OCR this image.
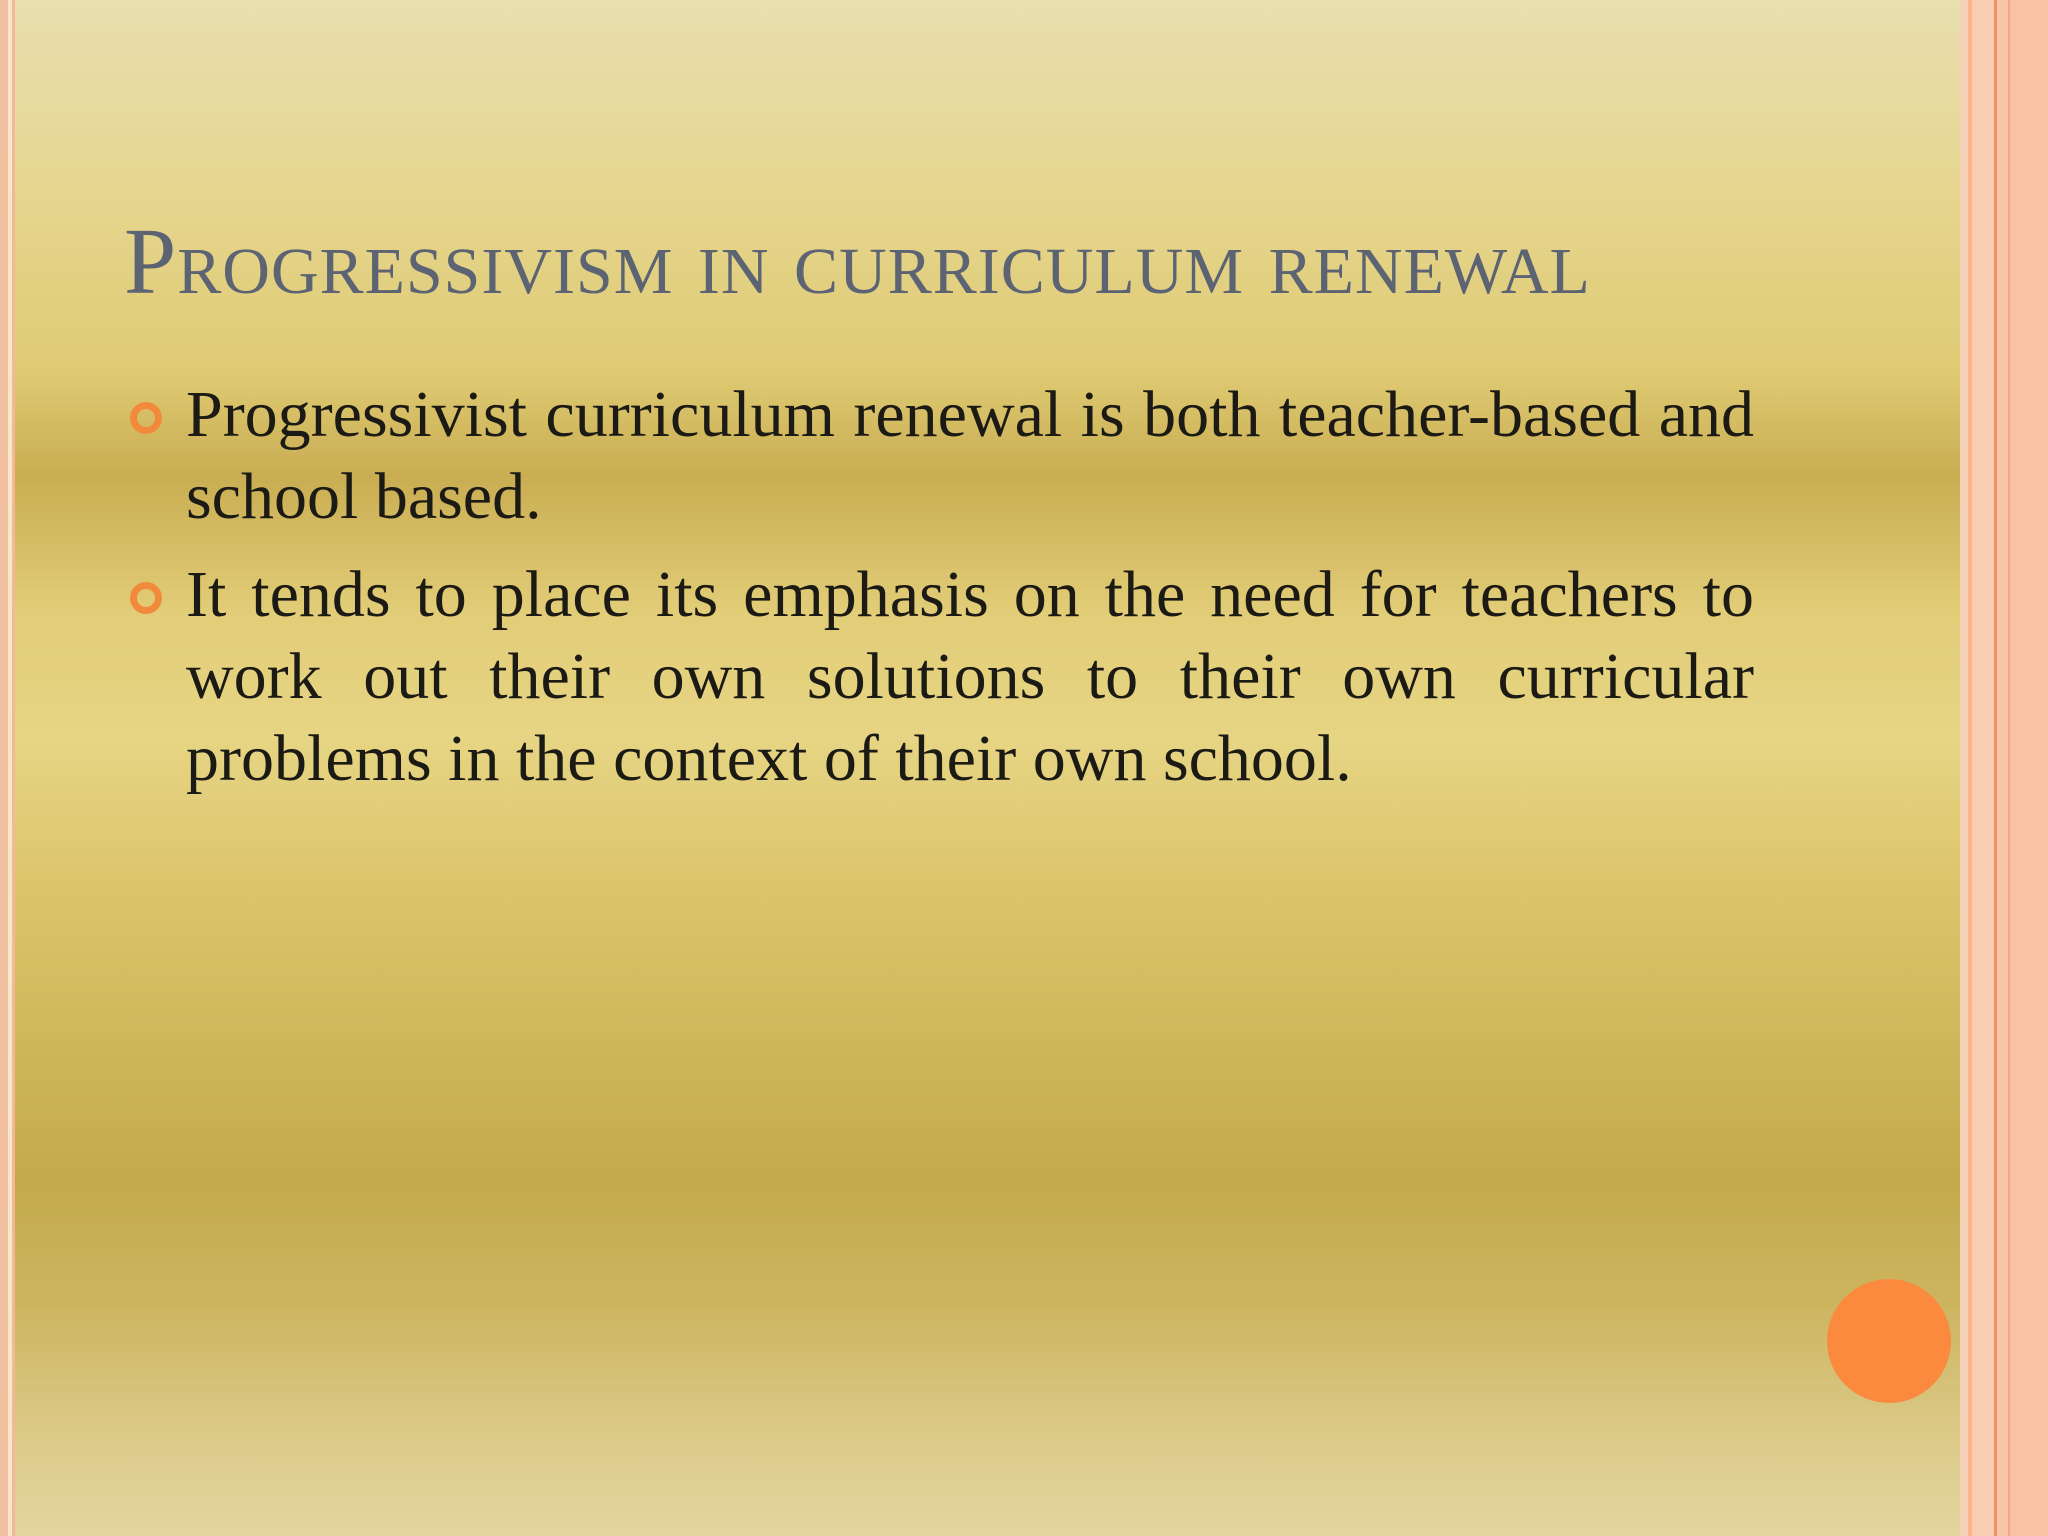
Progressivism in curriculum renewal
Progressivist curriculum renewal is both teacher-based and school based.
It tends to place its emphasis on the need for teachers to work out their own solutions to their own curricular problems in the context of their own school.
